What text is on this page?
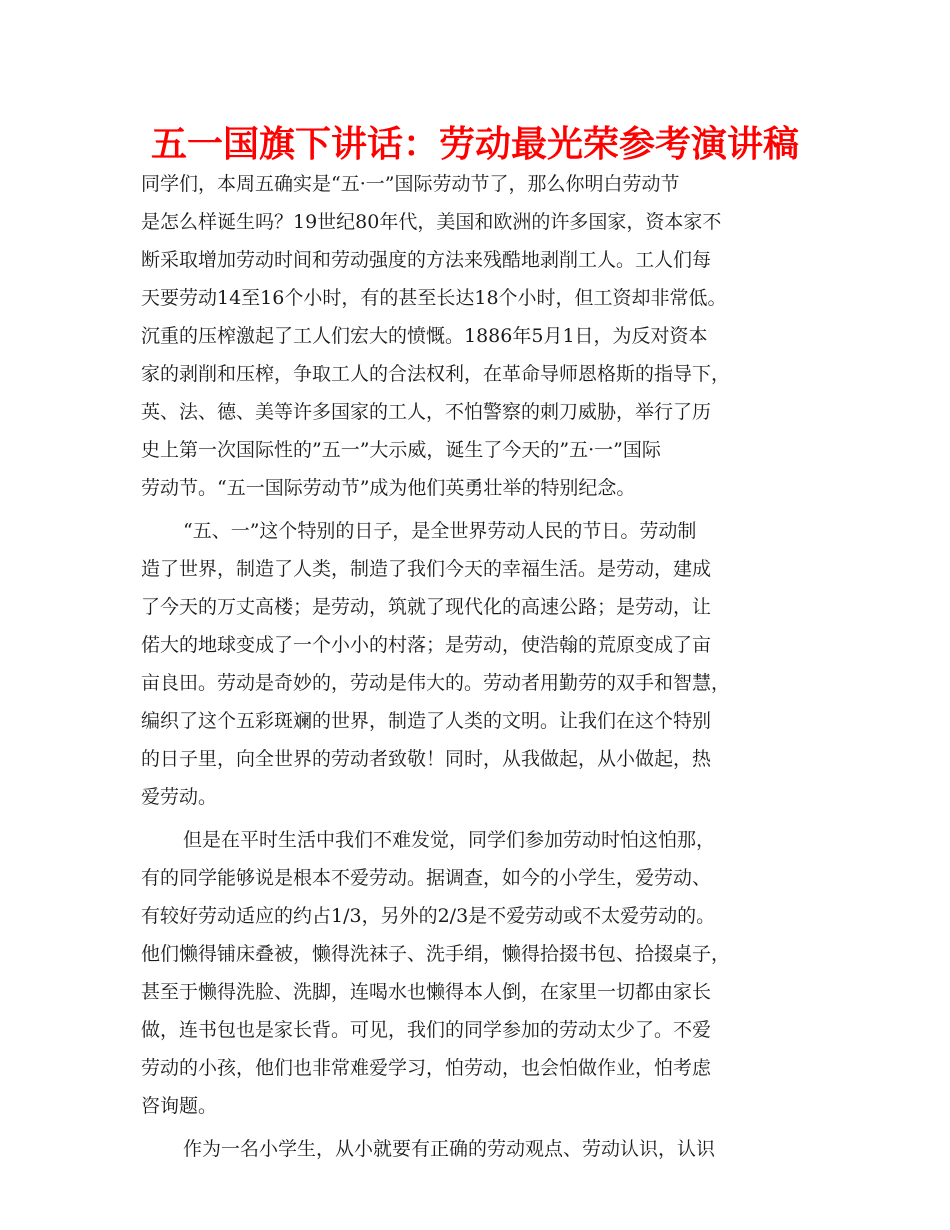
五一国旗下讲话：劳动最光荣参考演讲稿
同学们，本周五确实是“五·一”国际劳动节了，那么你明白劳动节
是怎么样诞生吗？19世纪80年代，美国和欧洲的许多国家，资本家不
断采取增加劳动时间和劳动强度的方法来残酷地剥削工人。工人们每
天要劳动14至16个小时，有的甚至长达18个小时，但工资却非常低。
沉重的压榨激起了工人们宏大的愤慨。1886年5月1日，为反对资本
家的剥削和压榨，争取工人的合法权利，在革命导师恩格斯的指导下，
英、法、德、美等许多国家的工人，不怕警察的刺刀威胁，举行了历
史上第一次国际性的”五一”大示威，诞生了今天的”五·一”国际
劳动节。“五一国际劳动节”成为他们英勇壮举的特别纪念。
“五、一”这个特别的日子，是全世界劳动人民的节日。劳动制
造了世界，制造了人类，制造了我们今天的幸福生活。是劳动，建成
了今天的万丈高楼；是劳动，筑就了现代化的高速公路；是劳动，让
偌大的地球变成了一个小小的村落；是劳动，使浩翰的荒原变成了亩
亩良田。劳动是奇妙的，劳动是伟大的。劳动者用勤劳的双手和智慧，
编织了这个五彩斑斓的世界，制造了人类的文明。让我们在这个特别
的日子里，向全世界的劳动者致敬！同时，从我做起，从小做起，热
爱劳动。
但是在平时生活中我们不难发觉，同学们参加劳动时怕这怕那，
有的同学能够说是根本不爱劳动。据调查，如今的小学生，爱劳动、
有较好劳动适应的约占1/3，另外的2/3是不爱劳动或不太爱劳动的。
他们懒得铺床叠被，懒得洗袜子、洗手绢，懒得拾掇书包、拾掇桌子，
甚至于懒得洗脸、洗脚，连喝水也懒得本人倒，在家里一切都由家长
做，连书包也是家长背。可见，我们的同学参加的劳动太少了。不爱
劳动的小孩，他们也非常难爱学习，怕劳动，也会怕做作业，怕考虑
咨询题。
作为一名小学生，从小就要有正确的劳动观点、劳动认识，认识
